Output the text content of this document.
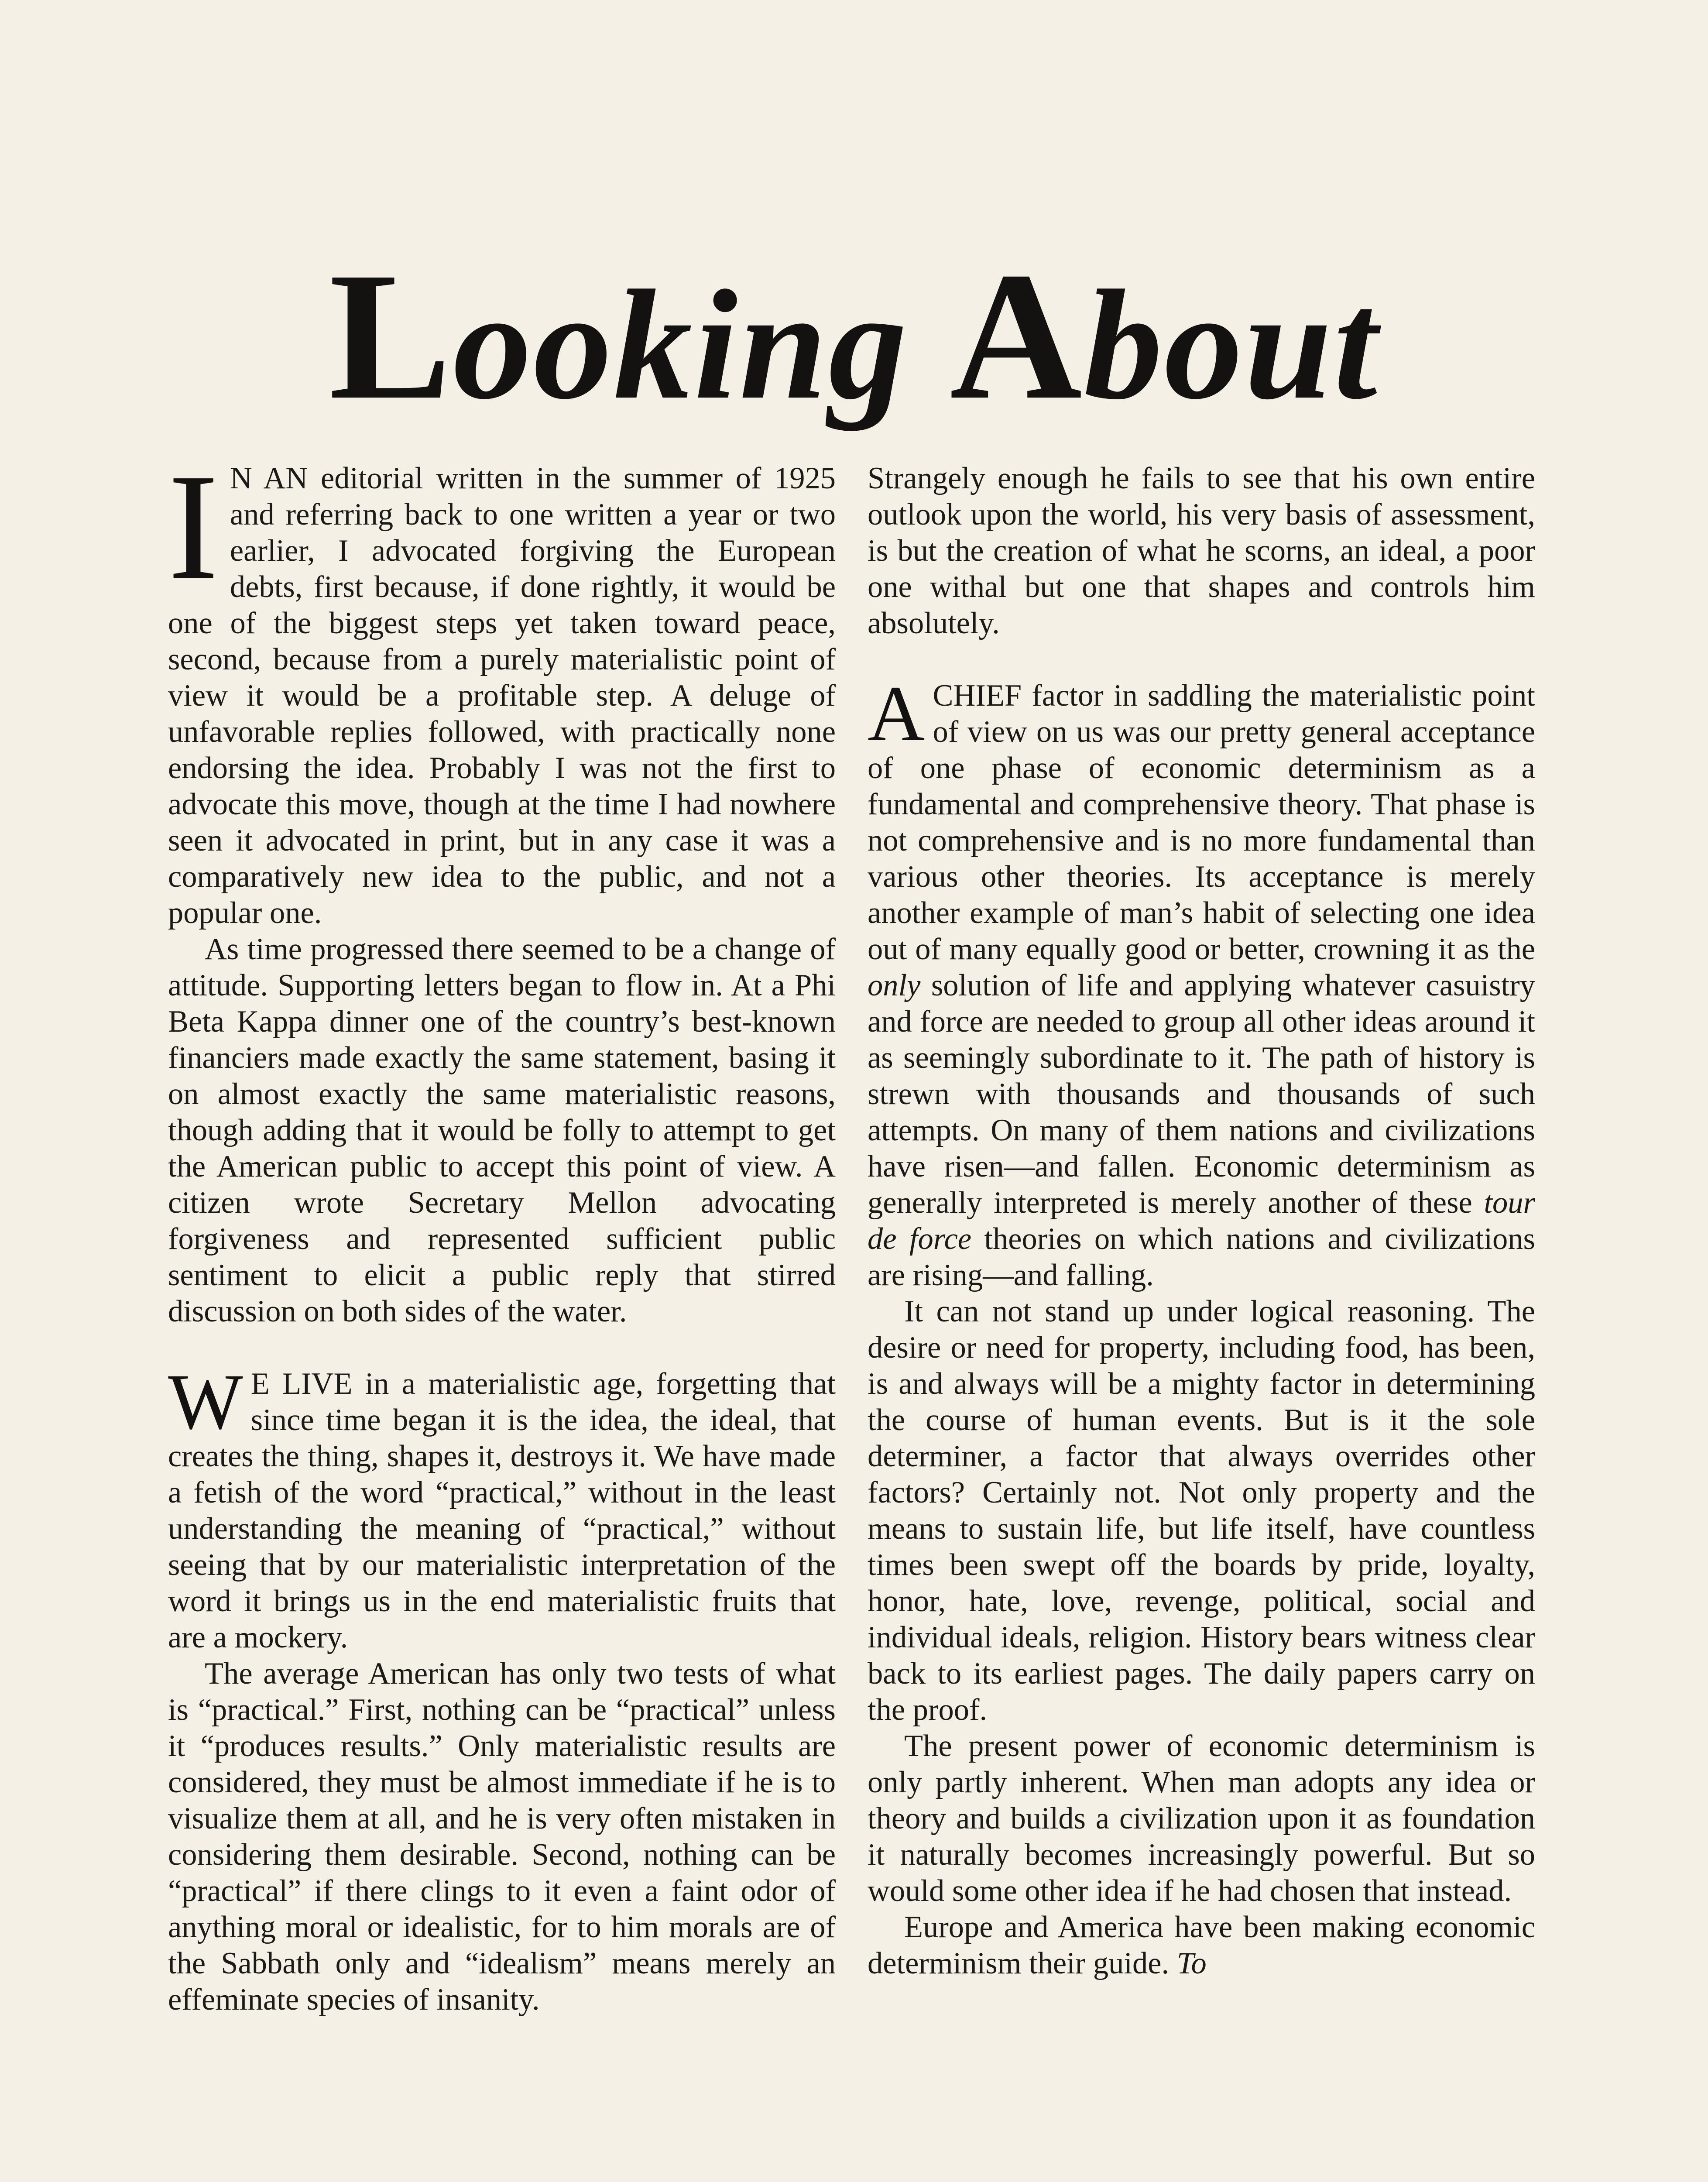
Looking About

I N AN editorial written in the summer of 1925 and referring back to one written a year or two earlier, I advocated forgiving the European debts, first because, if done rightly, it would be one of the biggest steps yet taken toward peace, second, because from a purely materialistic point of view it would be a profitable step. A deluge of unfavorable replies followed, with practically none endorsing the idea. Probably I was not the first to advocate this move, though at the time I had nowhere seen it advocated in print, but in any case it was a comparatively new idea to the public, and not a popular one.

As time progressed there seemed to be a change of attitude. Supporting letters began to flow in. At a Phi Beta Kappa dinner one of the country’s best-known financiers made exactly the same statement, basing it on almost exactly the same materialistic reasons, though adding that it would be folly to attempt to get the American public to accept this point of view. A citizen wrote Secretary Mellon advocating forgiveness and represented sufficient public sentiment to elicit a public reply that stirred discussion on both sides of the water.

W E LIVE in a materialistic age, forgetting that since time began it is the idea, the ideal, that creates the thing, shapes it, destroys it. We have made a fetish of the word “practical,” without in the least understanding the meaning of “practical,” without seeing that by our materialistic interpretation of the word it brings us in the end materialistic fruits that are a mockery.

The average American has only two tests of what is “practical.” First, nothing can be “practical” unless it “produces results.” Only materialistic results are considered, they must be almost immediate if he is to visualize them at all, and he is very often mistaken in considering them desirable. Second, nothing can be “practical” if there clings to it even a faint odor of anything moral or idealistic, for to him morals are of the Sabbath only and “idealism” means merely an effeminate species of insanity.

Strangely enough he fails to see that his own entire outlook upon the world, his very basis of assessment, is but the creation of what he scorns, an ideal, a poor one withal but one that shapes and controls him absolutely.

A CHIEF factor in saddling the materialistic point of view on us was our pretty general acceptance of one phase of economic determinism as a fundamental and comprehensive theory. That phase is not comprehensive and is no more fundamental than various other theories. Its acceptance is merely another example of man’s habit of selecting one idea out of many equally good or better, crowning it as the only solution of life and applying whatever casuistry and force are needed to group all other ideas around it as seemingly subordinate to it. The path of history is strewn with thousands and thousands of such attempts. On many of them nations and civilizations have risen—and fallen. Economic determinism as generally interpreted is merely another of these tour de force theories on which nations and civilizations are rising—and falling.

It can not stand up under logical reasoning. The desire or need for property, including food, has been, is and always will be a mighty factor in determining the course of human events. But is it the sole determiner, a factor that always overrides other factors? Certainly not. Not only property and the means to sustain life, but life itself, have countless times been swept off the boards by pride, loyalty, honor, hate, love, revenge, political, social and individual ideals, religion. History bears witness clear back to its earliest pages. The daily papers carry on the proof.

The present power of economic determinism is only partly inherent. When man adopts any idea or theory and builds a civilization upon it as foundation it naturally becomes increasingly powerful. But so would some other idea if he had chosen that instead.

Europe and America have been making economic determinism their guide. To
